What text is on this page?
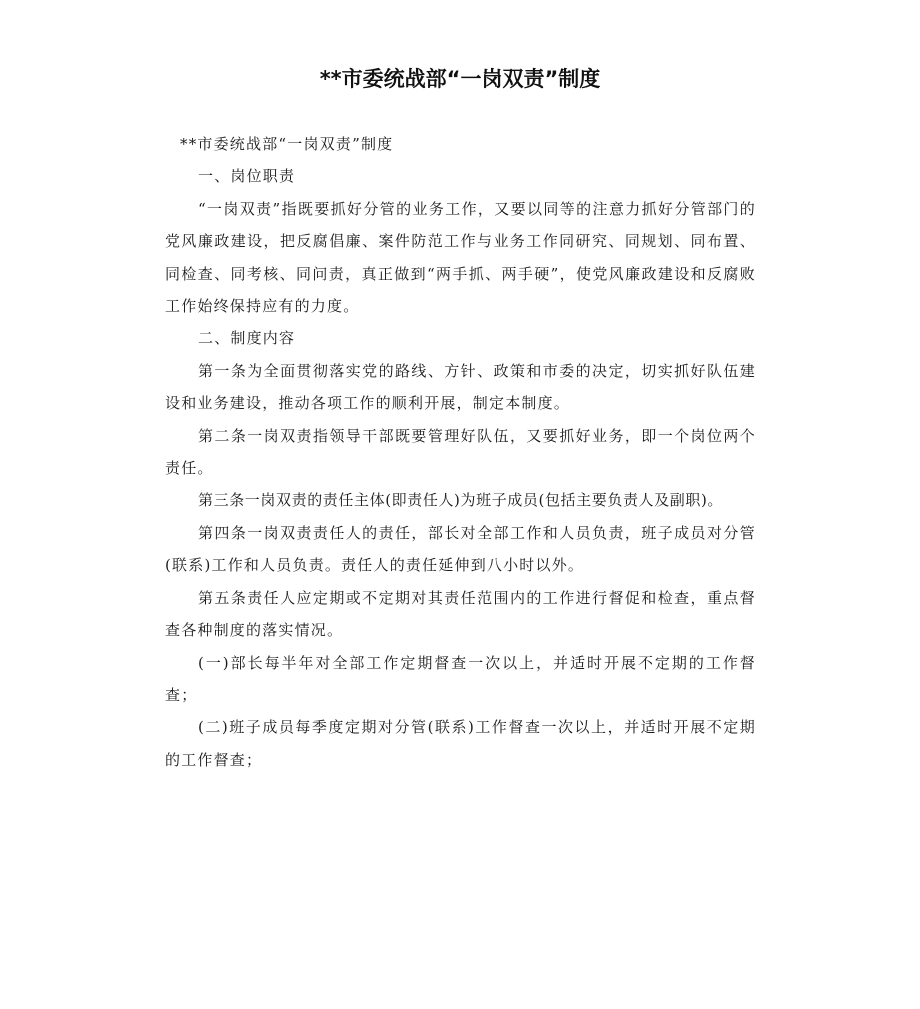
**市委统战部“一岗双责”制度

**市委统战部“一岗双责”制度

一、岗位职责

“一岗双责”指既要抓好分管的业务工作，又要以同等的注意力抓好分管部门的党风廉政建设，把反腐倡廉、案件防范工作与业务工作同研究、同规划、同布置、同检查、同考核、同问责，真正做到“两手抓、两手硬”，使党风廉政建设和反腐败工作始终保持应有的力度。

二、制度内容

第一条为全面贯彻落实党的路线、方针、政策和市委的决定，切实抓好队伍建设和业务建设，推动各项工作的顺利开展，制定本制度。

第二条一岗双责指领导干部既要管理好队伍，又要抓好业务，即一个岗位两个责任。

第三条一岗双责的责任主体(即责任人)为班子成员(包括主要负责人及副职)。

第四条一岗双责责任人的责任，部长对全部工作和人员负责，班子成员对分管(联系)工作和人员负责。责任人的责任延伸到八小时以外。

第五条责任人应定期或不定期对其责任范围内的工作进行督促和检查，重点督查各种制度的落实情况。

(一)部长每半年对全部工作定期督查一次以上，并适时开展不定期的工作督查；

(二)班子成员每季度定期对分管(联系)工作督查一次以上，并适时开展不定期的工作督查；
